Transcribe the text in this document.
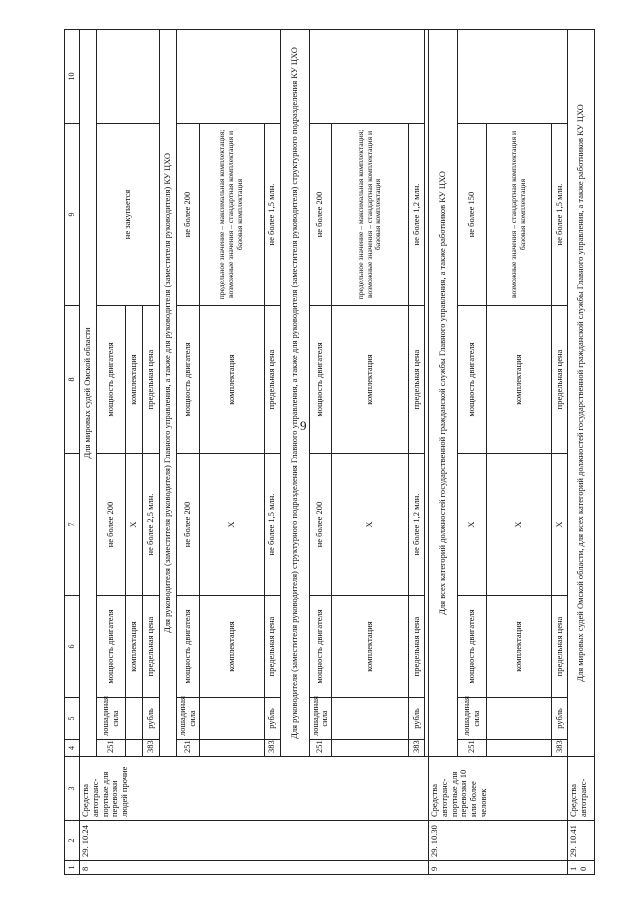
9
1	2	3	4	5	6	7	8	9	10
8	29. 10.24	Средства автотранс- портные для перевозки людей прочие	Для мировых судей Омской области						
			251	лошадиная сила	мощность двигателя	не более 200	мощность двигателя	не закупается	
					комплектация	X	комплектация		
			383	рубль	предельная цена	не более 2,5 млн.	предельная цена		
			Для руководителя (заместителя руководителя) Главного управления, а также для руководителя (заместителя руководителя) КУ ЦХО						
			251	лошадиная сила	мощность двигателя	не более 200	мощность двигателя	не более 200	
					комплектация	X	комплектация	предельное значение – максимальная комплектация; возможные значения – стандартная комплектация и базовая комплектация	
			383	рубль	предельная цена	не более 1,5 млн.	предельная цена	не более 1,5 млн.	
			Для руководителя (заместителя руководителя) структурного подразделения Главного управления, а также для руководителя (заместителя руководителя) структурного подразделения КУ ЦХО						
			251	лошадиная сила	мощность двигателя	не более 200	мощность двигателя	не более 200	
					комплектация	X	комплектация	предельное значение – максимальная комплектация; возможные значения – стандартная комплектация и базовая комплектация	
			383	рубль	предельная цена	не более 1,2 млн.	предельная цена	не более 1,2 млн.	

9	29. 10.30	Средства автотранс- портные для перевозки 10 или более человек	Для всех категорий должностей государственной гражданской службы Главного управления, а также работников КУ ЦХО						
			251	лошадиная сила	мощность двигателя	X	мощность двигателя	не более 150	
					комплектация	X	комплектация	возможные значения – стандартная комплектация и базовая комплектация	
			383	рубль	предельная цена	X	предельная цена	не более 1,5 млн.	
1 0	29. 10.41	Средства автотранс-	Для мировых судей Омской области, для всех категорий должностей государственной гражданской службы Главного управления, а также работников КУ ЦХО						
